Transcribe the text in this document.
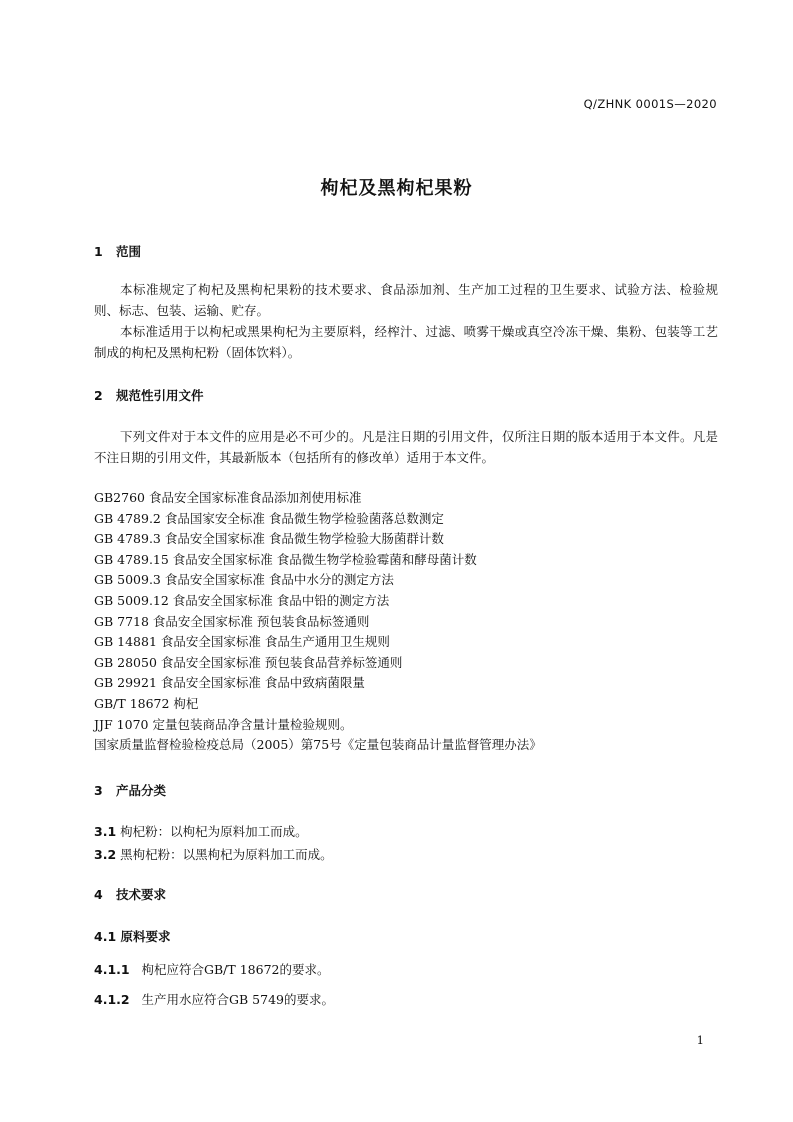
Q/ZHNK 0001S—2020
枸杞及黑枸杞果粉
1 范围
本标准规定了枸杞及黑枸杞果粉的技术要求、食品添加剂、生产加工过程的卫生要求、试验方法、检验规则、标志、包装、运输、贮存。
本标准适用于以枸杞或黑果枸杞为主要原料，经榨汁、过滤、喷雾干燥或真空冷冻干燥、集粉、包装等工艺制成的枸杞及黑枸杞粉（固体饮料）。
2 规范性引用文件
下列文件对于本文件的应用是必不可少的。凡是注日期的引用文件，仅所注日期的版本适用于本文件。凡是不注日期的引用文件，其最新版本（包括所有的修改单）适用于本文件。
GB2760 食品安全国家标准食品添加剂使用标准
GB 4789.2 食品国家安全标准 食品微生物学检验菌落总数测定
GB 4789.3 食品安全国家标准 食品微生物学检验大肠菌群计数
GB 4789.15 食品安全国家标准 食品微生物学检验霉菌和酵母菌计数
GB 5009.3 食品安全国家标准 食品中水分的测定方法
GB 5009.12 食品安全国家标准 食品中铅的测定方法
GB 7718 食品安全国家标准 预包装食品标签通则
GB 14881 食品安全国家标准 食品生产通用卫生规则
GB 28050 食品安全国家标准 预包装食品营养标签通则
GB 29921 食品安全国家标准 食品中致病菌限量
GB/T 18672 枸杞
JJF 1070 定量包装商品净含量计量检验规则。
国家质量监督检验检疫总局（2005）第75号《定量包装商品计量监督管理办法》
3 产品分类
3.1 枸杞粉：以枸杞为原料加工而成。
3.2 黑枸杞粉：以黑枸杞为原料加工而成。
4 技术要求
4.1 原料要求
4.1.1 枸杞应符合GB/T 18672的要求。
4.1.2 生产用水应符合GB 5749的要求。
1
